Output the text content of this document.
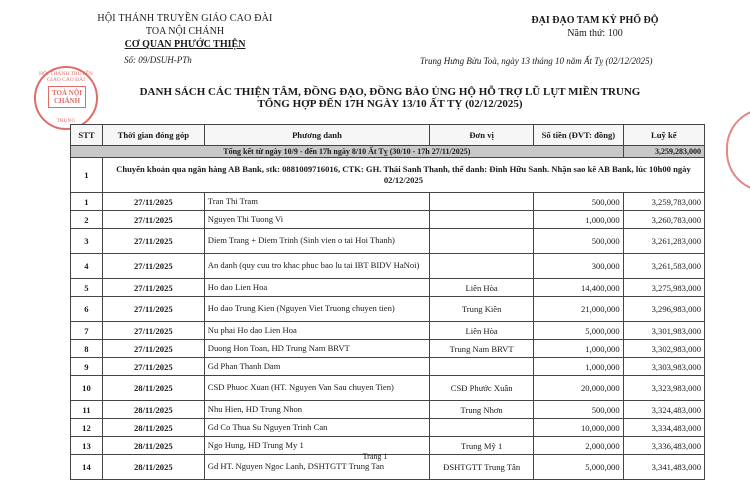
HỘI THÁNH TRUYỀN GIÁO CAO ĐÀI
TOA NỘI CHÁNH
CƠ QUAN PHƯỚC THIỆN
Số: 09/DSUH-PTh
ĐẠI ĐẠO TAM KỲ PHỔ ĐỘ
Năm thứ: 100
Trung Hưng Bửu Toà, ngày 13 tháng 10 năm Ất Tỵ (02/12/2025)
HỘI THÁNH TRUYỀN GIÁO CAO ĐÀI
TOÀ NỘI CHÁNH
TRUNG
DANH SÁCH CÁC THIỆN TÂM, ĐỒNG ĐẠO, ĐỒNG BÀO ỦNG HỘ HỖ TRỢ LŨ LỤT MIỀN TRUNG
TỔNG HỢP ĐẾN 17H NGÀY 13/10 ẤT TỴ (02/12/2025)
STT	Thời gian đóng góp	Phương danh	Đơn vị	Số tiền (ĐVT: đồng)	Luỹ kế
Tổng kết từ ngày 10/9 - đến 17h ngày 8/10 Ất Tỵ (30/10 - 17h 27/11/2025)					3,259,283,000
1	Chuyển khoản qua ngân hàng AB Bank, stk: 0881009716016, CTK: GH. Thái Sanh Thanh, thể danh: Đinh Hữu Sanh. Nhận sao kê AB Bank, lúc 10h00 ngày 02/12/2025				
1	27/11/2025	Tran Thi Tram		500,000	3,259,783,000
2	27/11/2025	Nguyen Thi Tuong Vi		1,000,000	3,260,783,000
3	27/11/2025	Diem Trang + Diem Trinh (Sinh vien o tai Hoi Thanh)		500,000	3,261,283,000
4	27/11/2025	An danh (quy cuu tro khac phuc bao lu tai IBT BIDV HaNoi)		300,000	3,261,583,000
5	27/11/2025	Ho dao Lien Hoa	Liên Hòa	14,400,000	3,275,983,000
6	27/11/2025	Ho dao Trung Kien (Nguyen Viet Truong chuyen tien)	Trung Kiên	21,000,000	3,296,983,000
7	27/11/2025	Nu phai Ho dao Lien Hoa	Liên Hòa	5,000,000	3,301,983,000
8	27/11/2025	Duong Hon Toan, HD Trung Nam BRVT	Trung Nam BRVT	1,000,000	3,302,983,000
9	27/11/2025	Gd Phan Thanh Dam		1,000,000	3,303,983,000
10	28/11/2025	CSD Phuoc Xuan (HT. Nguyen Van Sau chuyen Tien)	CSĐ Phước Xuân	20,000,000	3,323,983,000
11	28/11/2025	Nhu Hien, HD Trung Nhon	Trung Nhơn	500,000	3,324,483,000
12	28/11/2025	Gd Co Thua Su Nguyen Trinh Can		10,000,000	3,334,483,000
13	28/11/2025	Ngo Hung, HD Trung My 1	Trung Mỹ 1	2,000,000	3,336,483,000
14	28/11/2025	Gd HT. Nguyen Ngoc Lanh, DSHTGTT Trung Tan	ĐSHTGTT Trung Tân	5,000,000	3,341,483,000
Trang 1
